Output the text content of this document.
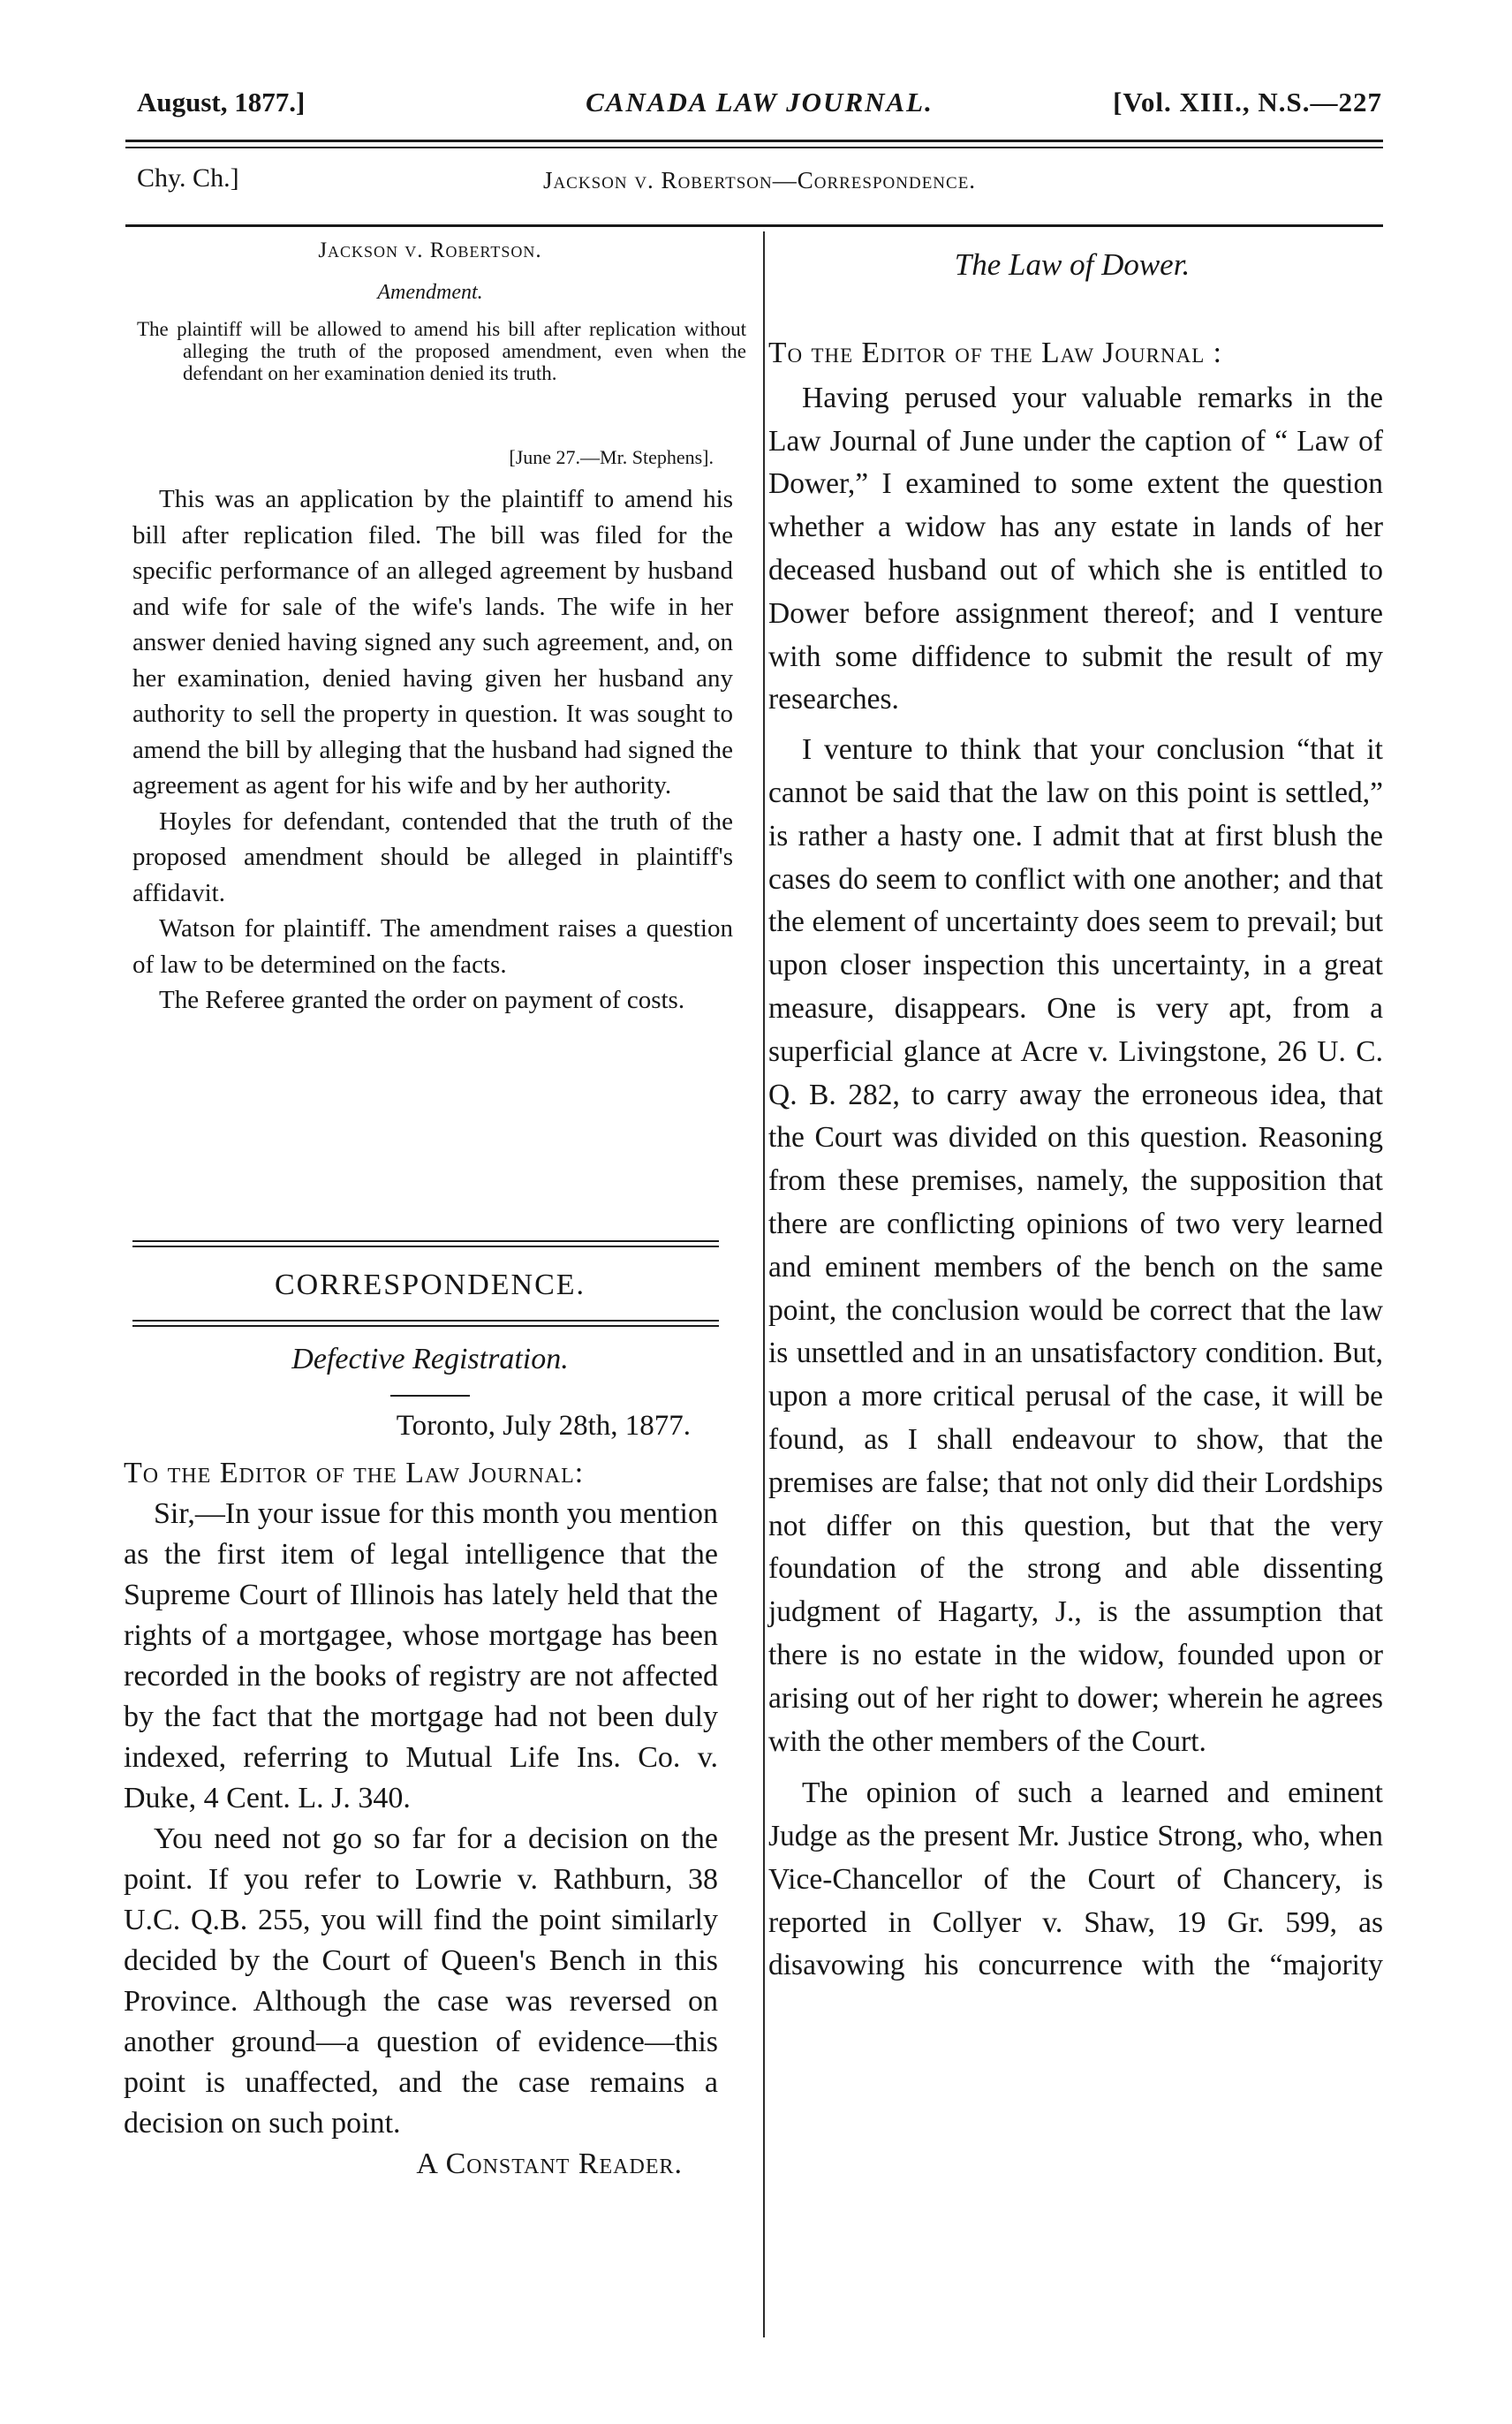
August, 1877.]	CANADA LAW JOURNAL.	[Vol. XIII., N.S.—227
Chy. Ch.]	Jackson v. Robertson—Correspondence.
Jackson v. Robertson.
Amendment.

The plaintiff will be allowed to amend his bill after replication without alleging the truth of the proposed amendment, even when the defendant on her examination denied its truth.

[June 27.—Mr. Stephens].

This was an application by the plaintiff to amend his bill after replication filed. The bill was filed for the specific performance of an alleged agreement by husband and wife for sale of the wife's lands. The wife in her answer denied having signed any such agreement, and, on her examination, denied having given her husband any authority to sell the property in question. It was sought to amend the bill by alleging that the husband had signed the agreement as agent for his wife and by her authority.

Hoyles for defendant, contended that the truth of the proposed amendment should be alleged in plaintiff's affidavit.

Watson for plaintiff. The amendment raises a question of law to be determined on the facts.

The Referee granted the order on payment of costs.

CORRESPONDENCE.
Defective Registration.
Toronto, July 28th, 1877.

To the Editor of the Law Journal:

Sir,—In your issue for this month you mention as the first item of legal intelligence that the Supreme Court of Illinois has lately held that the rights of a mortgagee, whose mortgage has been recorded in the books of registry are not affected by the fact that the mortgage had not been duly indexed, referring to Mutual Life Ins. Co. v. Duke, 4 Cent. L. J. 340.

You need not go so far for a decision on the point. If you refer to Lowrie v. Rathburn, 38 U.C. Q.B. 255, you will find the point similarly decided by the Court of Queen's Bench in this Province. Although the case was reversed on another ground—a question of evidence—this point is unaffected, and the case remains a decision on such point.

A Constant Reader.

The Law of Dower.

To the Editor of the Law Journal :

Having perused your valuable remarks in the Law Journal of June under the caption of “ Law of Dower,” I examined to some extent the question whether a widow has any estate in lands of her deceased husband out of which she is entitled to Dower before assignment thereof; and I venture with some diffidence to submit the result of my researches.

I venture to think that your conclusion “that it cannot be said that the law on this point is settled,” is rather a hasty one. I admit that at first blush the cases do seem to conflict with one another; and that the element of uncertainty does seem to prevail; but upon closer inspection this uncertainty, in a great measure, disappears. One is very apt, from a superficial glance at Acre v. Livingstone, 26 U. C. Q. B. 282, to carry away the erroneous idea, that the Court was divided on this question. Reasoning from these premises, namely, the supposition that there are conflicting opinions of two very learned and eminent members of the bench on the same point, the conclusion would be correct that the law is unsettled and in an unsatisfactory condition. But, upon a more critical perusal of the case, it will be found, as I shall endeavour to show, that the premises are false; that not only did their Lordships not differ on this question, but that the very foundation of the strong and able dissenting judgment of Hagarty, J., is the assumption that there is no estate in the widow, founded upon or arising out of her right to dower; wherein he agrees with the other members of the Court.

The opinion of such a learned and eminent Judge as the present Mr. Justice Strong, who, when Vice-Chancellor of the Court of Chancery, is reported in Collyer v. Shaw, 19 Gr. 599, as disavowing his concurrence with the “majority
